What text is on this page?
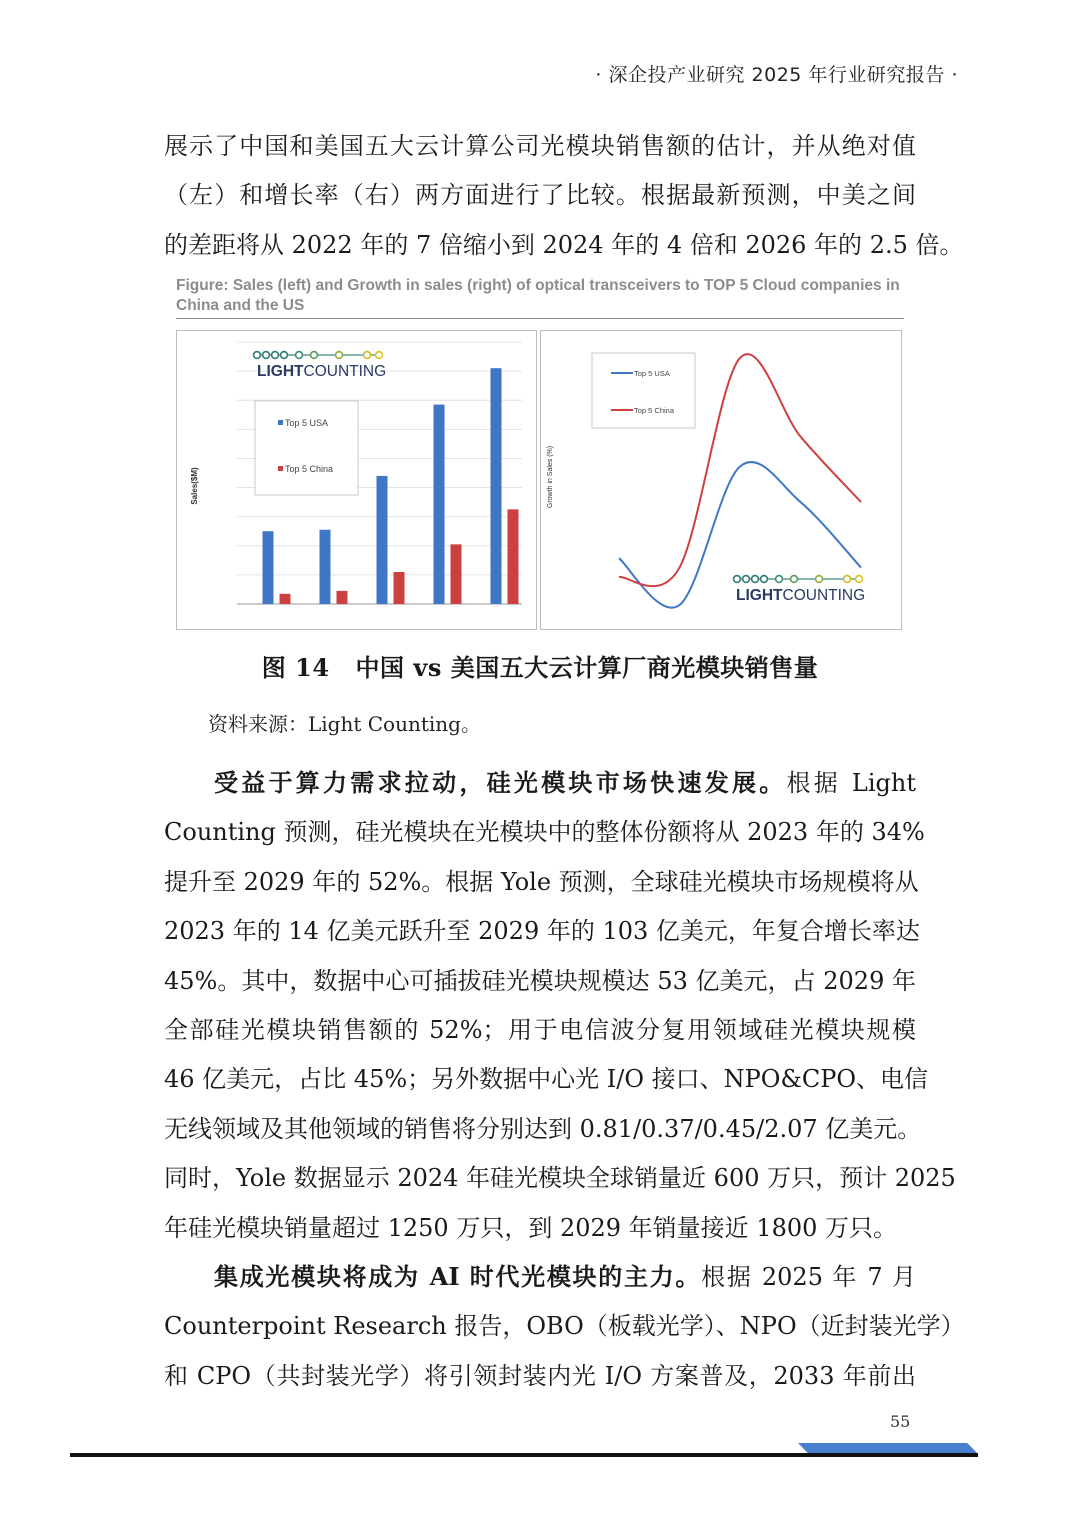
· 深企投产业研究 2025 年行业研究报告 ·
展示了中国和美国五大云计算公司光模块销售额的估计，并从绝对值
（左）和增长率（右）两方面进行了比较。根据最新预测，中美之间
的差距将从 2022 年的 7 倍缩小到 2024 年的 4 倍和 2026 年的 2.5 倍。
Figure: Sales (left) and Growth in sales (right) of optical transceivers to TOP 5 Cloud companies in
China and the US
Sales($M)
Top 5 USA
Top 5 China
LIGHTCOUNTING
Growth in Sales (%)
Top 5 USA
Top 5 China
LIGHTCOUNTING
图 14 中国 vs 美国五大云计算厂商光模块销售量
资料来源：Light Counting。
受益于算力需求拉动，硅光模块市场快速发展。根据 Light
Counting 预测，硅光模块在光模块中的整体份额将从 2023 年的 34%
提升至 2029 年的 52%。根据 Yole 预测，全球硅光模块市场规模将从
2023 年的 14 亿美元跃升至 2029 年的 103 亿美元，年复合增长率达
45%。其中，数据中心可插拔硅光模块规模达 53 亿美元，占 2029 年
全部硅光模块销售额的 52%；用于电信波分复用领域硅光模块规模
46 亿美元，占比 45%；另外数据中心光 I/O 接口、NPO&CPO、电信
无线领域及其他领域的销售将分别达到 0.81/0.37/0.45/2.07 亿美元。
同时，Yole 数据显示 2024 年硅光模块全球销量近 600 万只，预计 2025
年硅光模块销量超过 1250 万只，到 2029 年销量接近 1800 万只。
集成光模块将成为 AI 时代光模块的主力。根据 2025 年 7 月
Counterpoint Research 报告，OBO（板载光学）、NPO（近封装光学）
和 CPO（共封装光学）将引领封装内光 I/O 方案普及，2033 年前出
55
